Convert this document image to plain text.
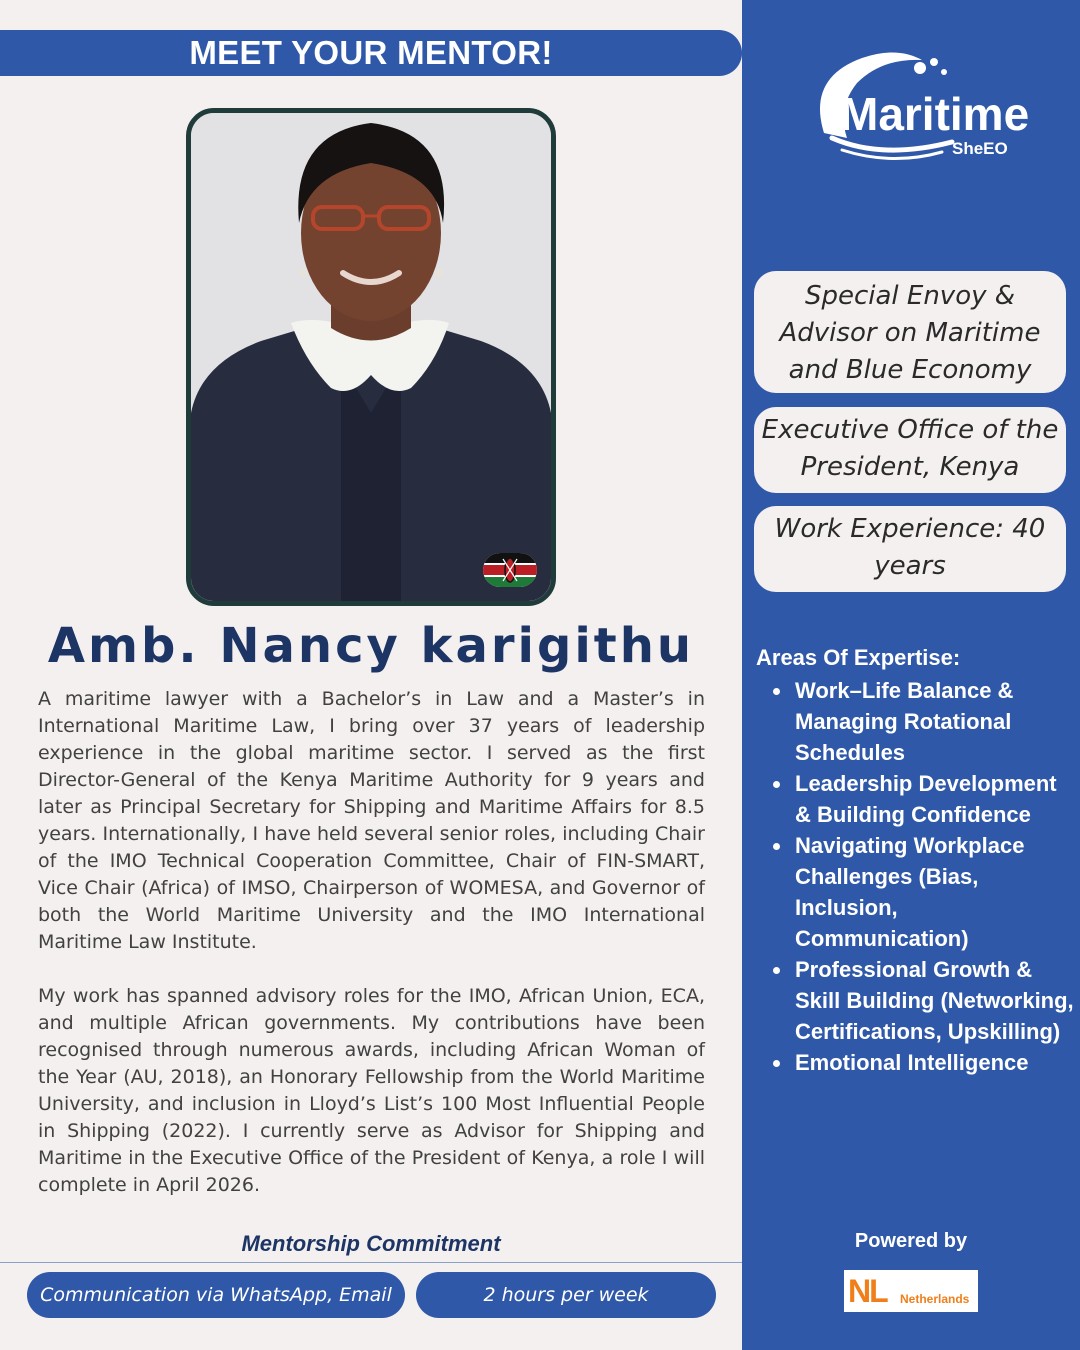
MEET YOUR MENTOR!
Amb. Nancy karigithu

A maritime lawyer with a Bachelor’s in Law and a Master’s in International Maritime Law, I bring over 37 years of leadership experience in the global maritime sector. I served as the first Director-General of the Kenya Maritime Authority for 9 years and later as Principal Secretary for Shipping and Maritime Affairs for 8.5 years. Internationally, I have held several senior roles, including Chair of the IMO Technical Cooperation Committee, Chair of FIN-SMART, Vice Chair (Africa) of IMSO, Chairperson of WOMESA, and Governor of both the World Maritime University and the IMO International Maritime Law Institute.

My work has spanned advisory roles for the IMO, African Union, ECA, and multiple African governments. My contributions have been recognised through numerous awards, including African Woman of the Year (AU, 2018), an Honorary Fellowship from the World Maritime University, and inclusion in Lloyd’s List’s 100 Most Influential People in Shipping (2022). I currently serve as Advisor for Shipping and Maritime in the Executive Office of the President of Kenya, a role I will complete in April 2026.

Mentorship Commitment
Communication via WhatsApp, Email	2 hours per week
Maritime
SheEO
Special Envoy & Advisor on Maritime and Blue Economy
Executive Office of the President, Kenya
Work Experience: 40 years
Areas Of Expertise:
Work–Life Balance & Managing Rotational Schedules
Leadership Development & Building Confidence
Navigating Workplace Challenges (Bias, Inclusion, Communication)
Professional Growth & Skill Building (Networking, Certifications, Upskilling)
Emotional Intelligence
Powered by
NL Netherlands
